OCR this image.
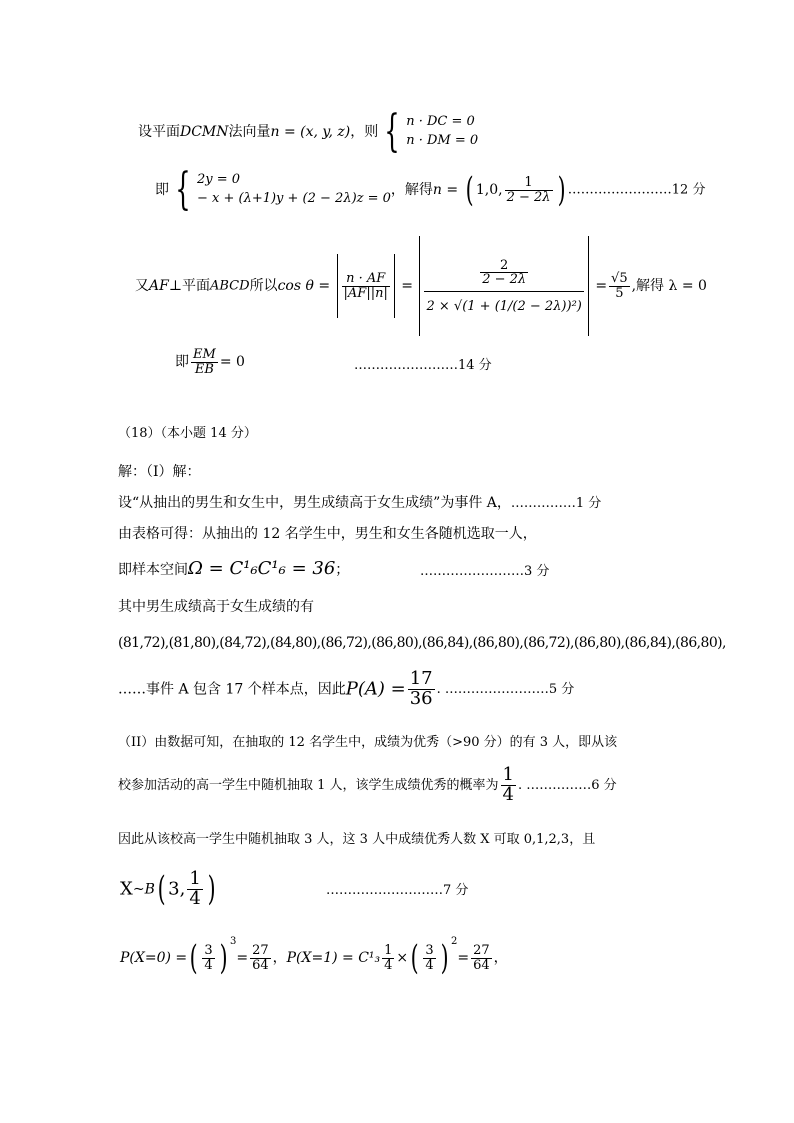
设平面DCMN法向量n = (x, y, z)，则 { n · DC = 0
n · DM = 0
即 { 2y = 0
− x + (λ+1)y + (2 − 2λ)z = 0
，解得n = ( 1,0, $\frac{1}{2 - 2\lambda}$ ) ……………………12 分
又AF⊥平面ABCD所以$\cos \theta = \frac{n \cdot AF}{|AF||n|} = \frac{\frac{2}{2 - 2\lambda}}{\text{2 × √(1 + (1/(2 − 2λ))²)}} = \frac{√5}{5}$ ,解得 λ = 0
即 $\frac{EM}{EB} = 0$	……………………14 分
（18）（本小题 14 分）
解：（Ⅰ）解：
设“从抽出的男生和女生中，男生成绩高于女生成绩”为事件 A，……………1 分
由表格可得：从抽出的 12 名学生中，男生和女生各随机选取一人，
即样本空间Ω = C¹₆C¹₆ = 36；	……………………3 分
其中男生成绩高于女生成绩的有
(81,72),(81,80),(84,72),(84,80),(86,72),(86,80),(86,84),(86,80),(86,72),(86,80),(86,84),(86,80),
……事件 A 包含 17 个样本点，因此$P(A) = \frac{17}{36}$ . ……………………5 分
（II）由数据可知，在抽取的 12 名学生中，成绩为优秀（>90 分）的有 3 人，即从该
校参加活动的高一学生中随机抽取 1 人，该学生成绩优秀的概率为 $\frac{1}{4}$ . ……………6 分
因此从该校高一学生中随机抽取 3 人，这 3 人中成绩优秀人数 X 可取 0,1,2,3，且
X~B( 3, $\frac{1}{4}$ )	………………………7 分
P(X=0) =( $\frac{3}{4}$ ) $^3= \frac{27}{64}$ ，$P(X=1) = C^1_3 \frac{1}{4}$ ×( $\frac{3}{4}$ ) $^2= \frac{27}{64}$ ，
